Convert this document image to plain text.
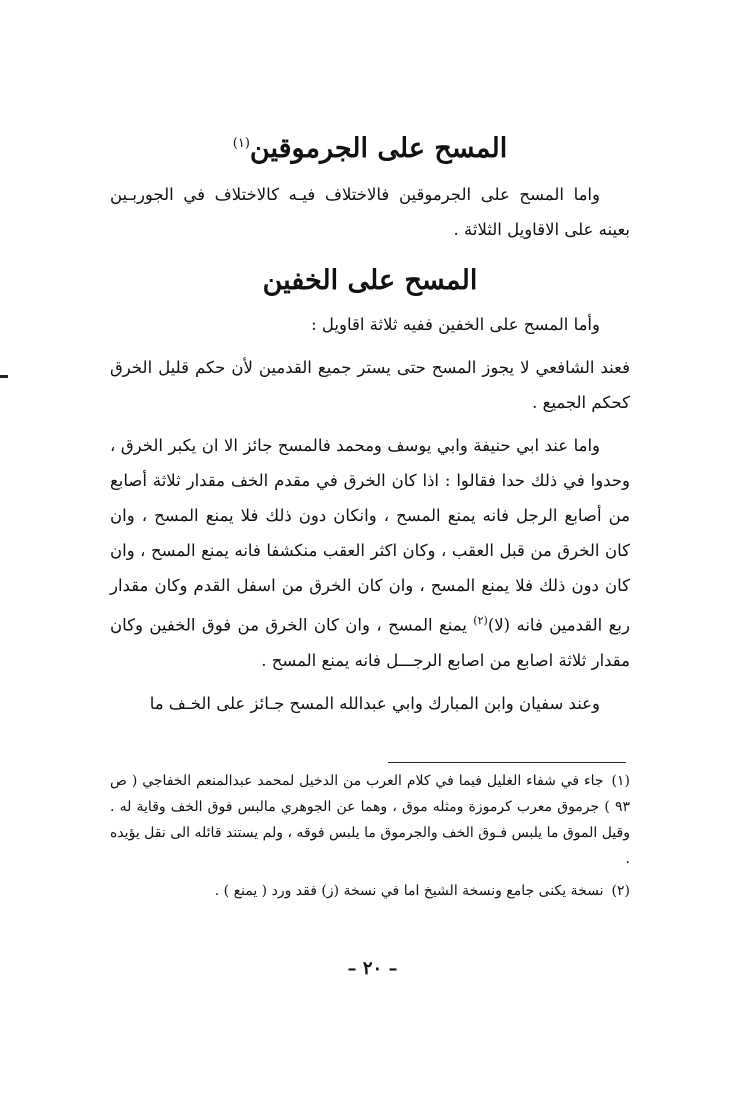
المسح على الجرموقين$^{(١)}$

واما المسح على الجرموقين فالاختلاف فيـه كالاختلاف في الجوربـين بعينه على الاقاويل الثلاثة .

المسح على الخفين

وأما المسح على الخفين ففيه ثلاثة اقاويل :

فعند الشافعي لا يجوز المسح حتى يستر جميع القدمين لأن حكم قليل الخرق كحكم الجميع .

واما عند ابي حنيفة وابي يوسف ومحمد فالمسح جائز الا ان يكبر الخرق ، وحدوا في ذلك حدا فقالوا : اذا كان الخرق في مقدم الخف مقدار ثلاثة أصابع من أصابع الرجل فانه يمنع المسح ، وانكان دون ذلك فلا يمنع المسح ، وان كان الخرق من قبل العقب ، وكان اكثر العقب منكشفا فانه يمنع المسح ، وان كان دون ذلك فلا يمنع المسح ، وان كان الخرق من اسفل القدم وكان مقدار ربع القدمين فانه (لا)$^{(٢)}$ يمنع المسح ، وان كان الخرق من فوق الخفين وكان مقدار ثلاثة اصابع من اصابع الرجـــل فانه يمنع المسح .

وعند سفيان وابن المبارك وابي عبدالله المسح جـائز على الخـف ما

(١)جاء في شفاء الغليل فيما في كلام العرب من الدخيل لمحمد عبدالمنعم الخفاجي ( ص ٩٣ ) جرموق معرب كرموزة ومثله موق ، وهما عن الجوهري مالبس فوق الخف وقاية له . وقيل الموق ما يلبس فـوق الخف والجرموق ما يلبس فوقه ، ولم يستند قائله الى نقل يؤيده .

(٢)نسخة يكنى جامع ونسخة الشيخ اما في نسخة (ز) فقد ورد ( يمنع ) .

– ٢٠ –
